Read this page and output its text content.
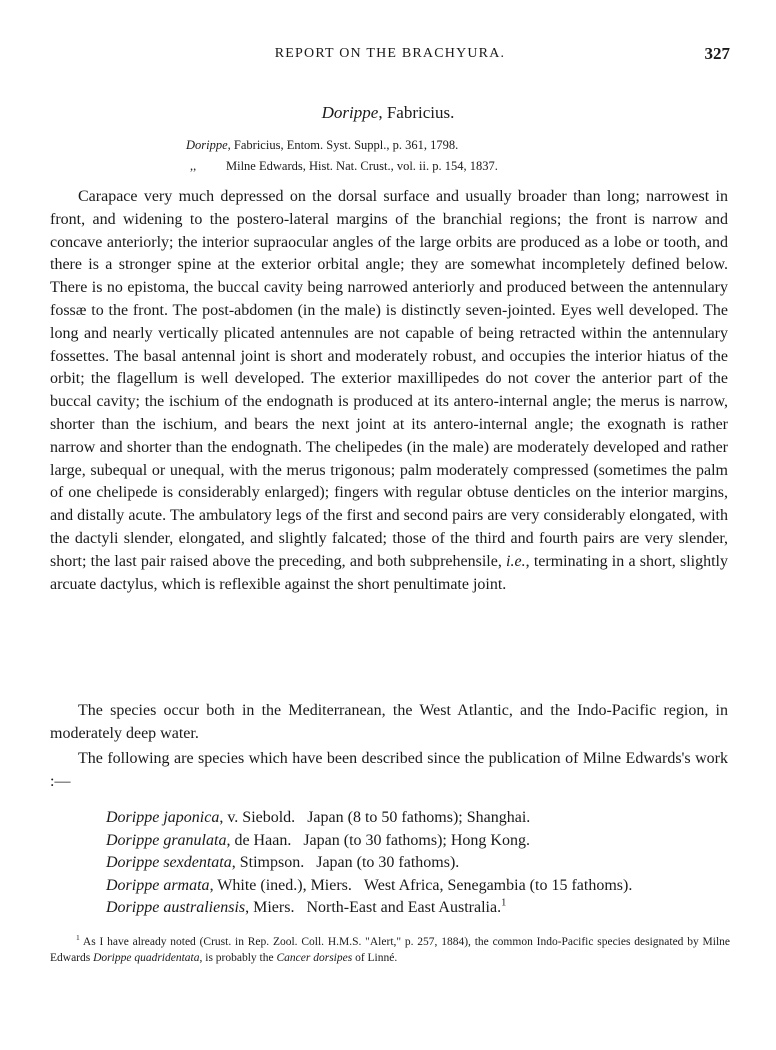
REPORT ON THE BRACHYURA.	327
Dorippe, Fabricius.
Dorippe, Fabricius, Entom. Syst. Suppl., p. 361, 1798.
,, Milne Edwards, Hist. Nat. Crust., vol. ii. p. 154, 1837.

Carapace very much depressed on the dorsal surface and usually broader than long; narrowest in front, and widening to the postero-lateral margins of the branchial regions; the front is narrow and concave anteriorly; the interior supraocular angles of the large orbits are produced as a lobe or tooth, and there is a stronger spine at the exterior orbital angle; they are somewhat incompletely defined below. There is no epistoma, the buccal cavity being narrowed anteriorly and produced between the antennulary fossæ to the front. The post-abdomen (in the male) is distinctly seven-jointed. Eyes well developed. The long and nearly vertically plicated antennules are not capable of being retracted within the antennulary fossettes. The basal antennal joint is short and moderately robust, and occupies the interior hiatus of the orbit; the flagellum is well developed. The exterior maxillipedes do not cover the anterior part of the buccal cavity; the ischium of the endognath is produced at its antero-internal angle; the merus is narrow, shorter than the ischium, and bears the next joint at its antero-internal angle; the exognath is rather narrow and shorter than the endognath. The chelipedes (in the male) are moderately developed and rather large, subequal or unequal, with the merus trigonous; palm moderately compressed (sometimes the palm of one chelipede is considerably enlarged); fingers with regular obtuse denticles on the interior margins, and distally acute. The ambulatory legs of the first and second pairs are very considerably elongated, with the dactyli slender, elongated, and slightly falcated; those of the third and fourth pairs are very slender, short; the last pair raised above the preceding, and both subprehensile, i.e., terminating in a short, slightly arcuate dactylus, which is reflexible against the short penultimate joint.

The species occur both in the Mediterranean, the West Atlantic, and the Indo-Pacific region, in moderately deep water.

The following are species which have been described since the publication of Milne Edwards's work :—

Dorippe japonica, v. Siebold. Japan (8 to 50 fathoms); Shanghai.
Dorippe granulata, de Haan. Japan (to 30 fathoms); Hong Kong.
Dorippe sexdentata, Stimpson. Japan (to 30 fathoms).
Dorippe armata, White (ined.), Miers. West Africa, Senegambia (to 15 fathoms).
Dorippe australiensis, Miers. North-East and East Australia.$^1$

$^1$ As I have already noted (Crust. in Rep. Zool. Coll. H.M.S. "Alert," p. 257, 1884), the common Indo-Pacific species designated by Milne Edwards Dorippe quadridentata, is probably the Cancer dorsipes of Linné.
